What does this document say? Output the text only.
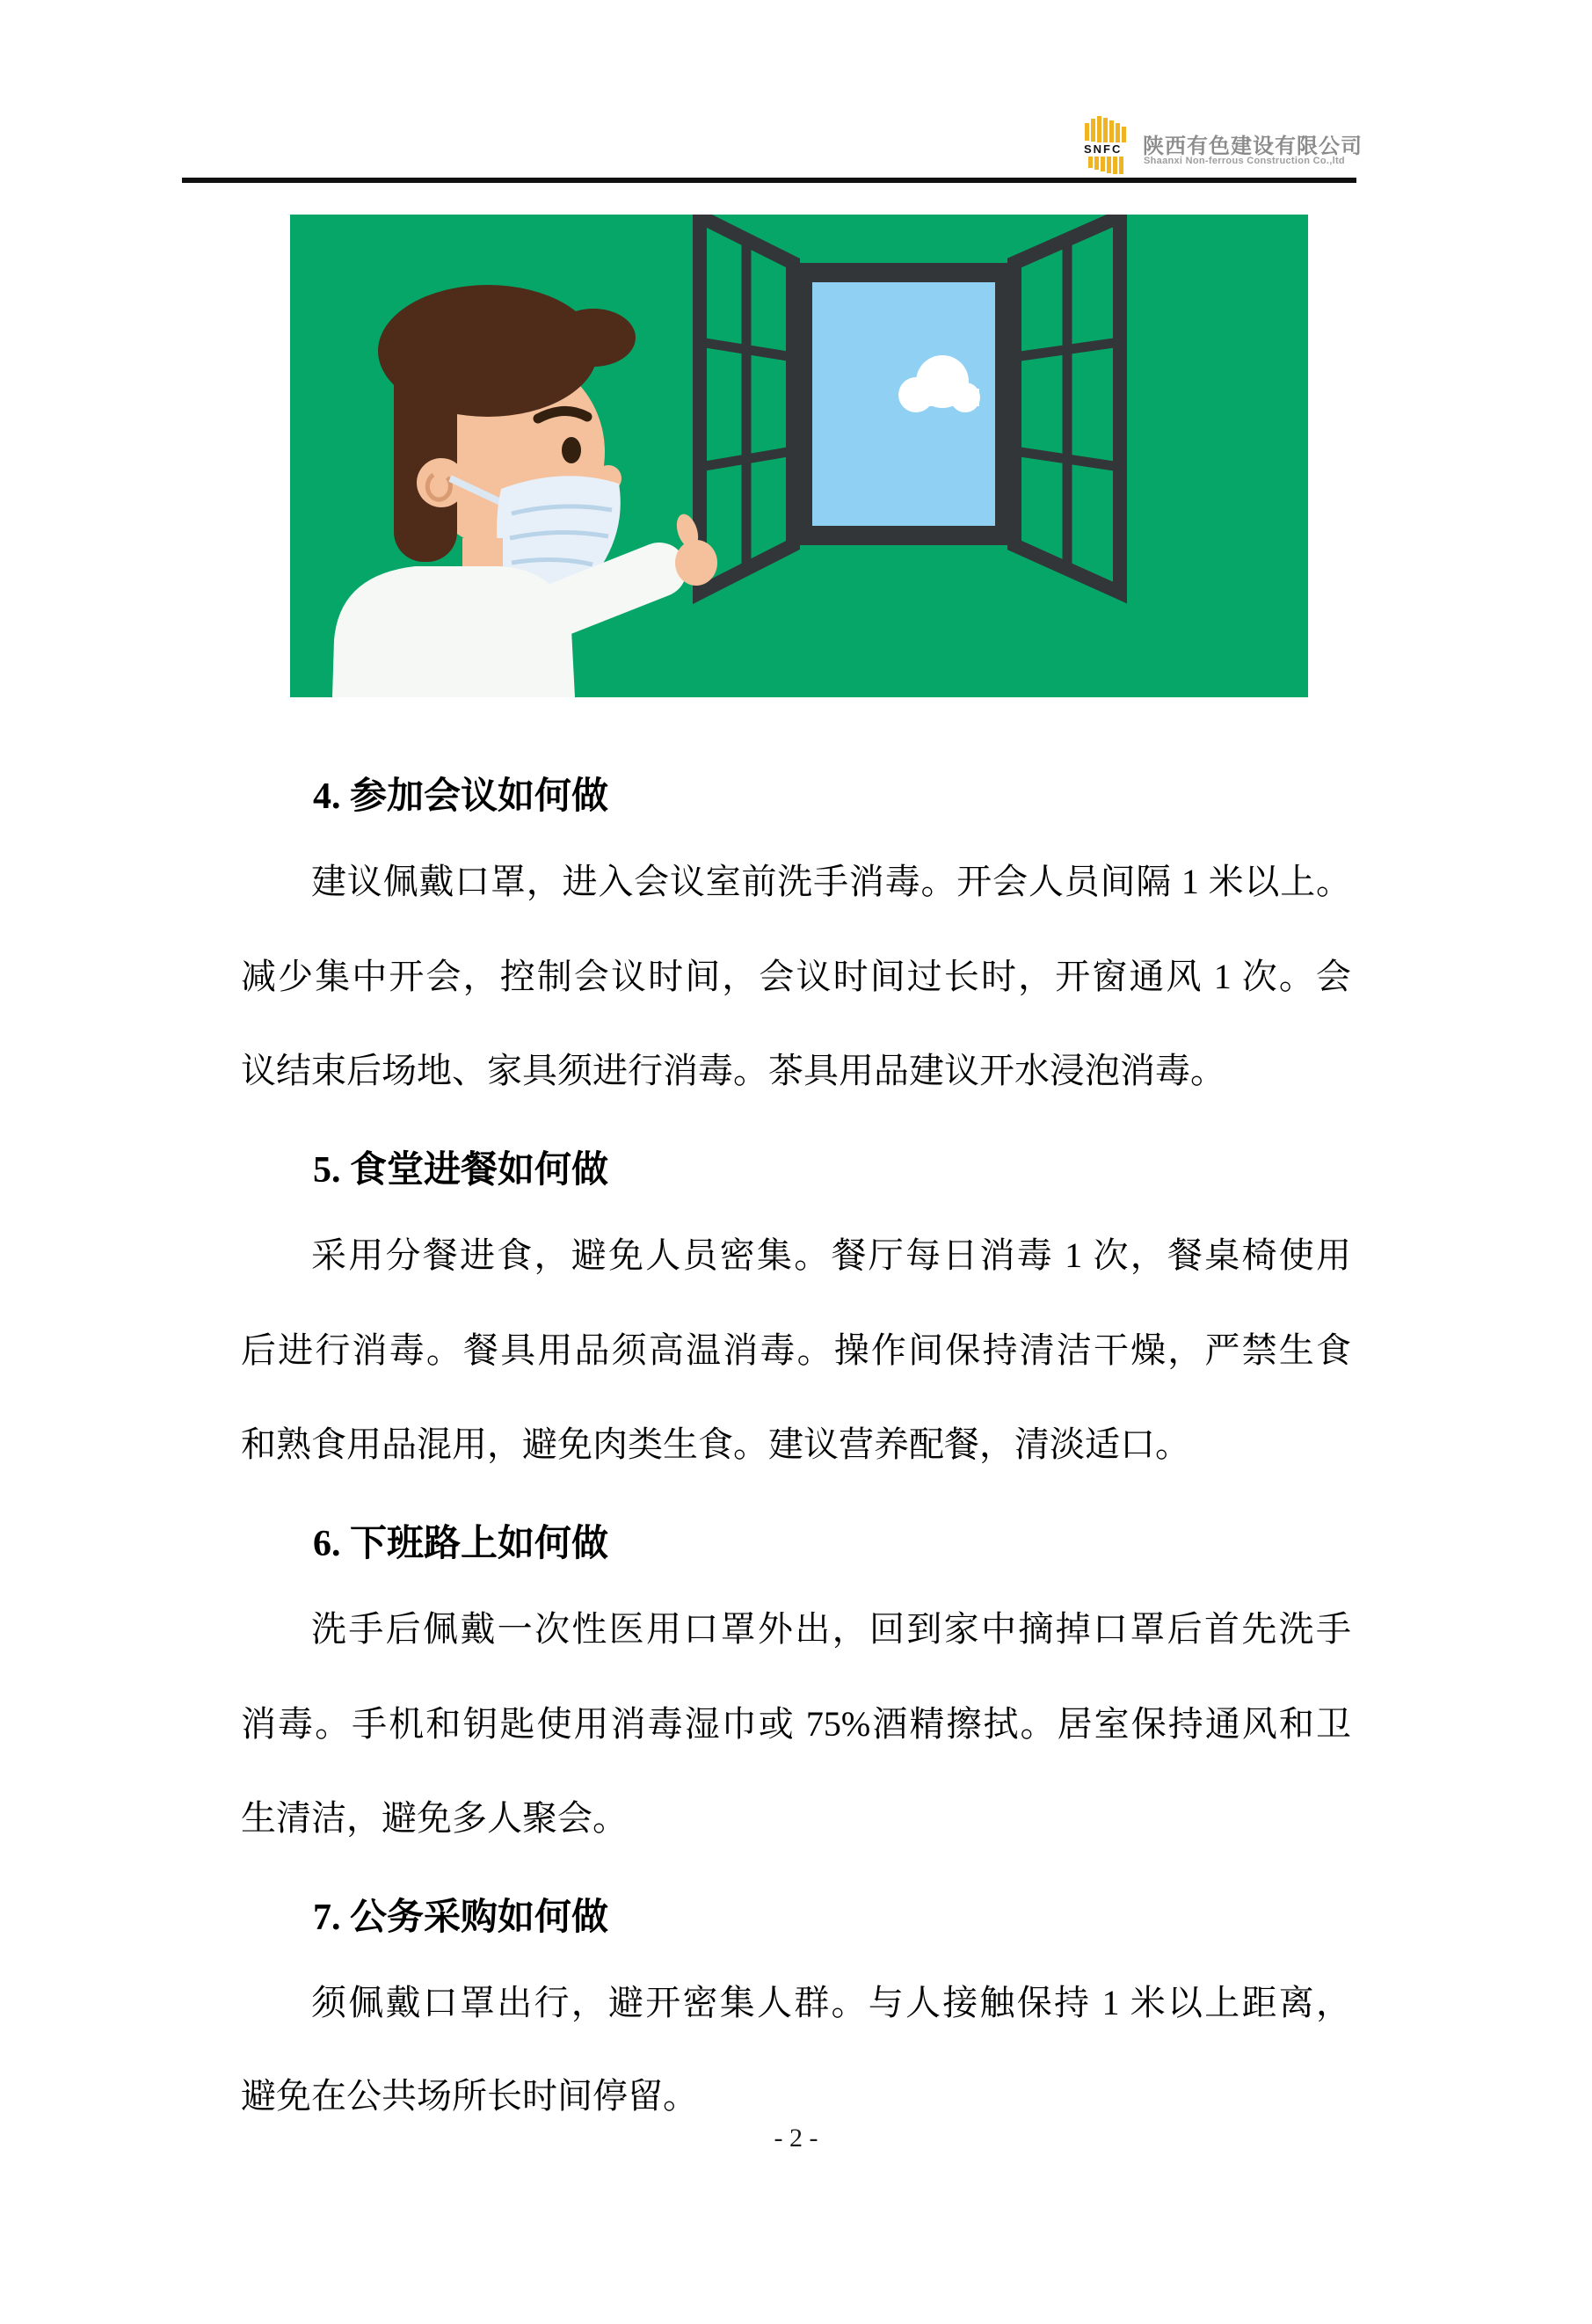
SNFC 陕西有色建设有限公司
Shaanxi Non-ferrous Construction Co.,ltd
4. 参加会议如何做
建议佩戴口罩，进入会议室前洗手消毒。开会人员间隔 1 米以上。
减少集中开会，控制会议时间，会议时间过长时，开窗通风 1 次。会
议结束后场地、家具须进行消毒。茶具用品建议开水浸泡消毒。
5. 食堂进餐如何做
采用分餐进食，避免人员密集。餐厅每日消毒 1 次，餐桌椅使用
后进行消毒。餐具用品须高温消毒。操作间保持清洁干燥，严禁生食
和熟食用品混用，避免肉类生食。建议营养配餐，清淡适口。
6. 下班路上如何做
洗手后佩戴一次性医用口罩外出，回到家中摘掉口罩后首先洗手
消毒。手机和钥匙使用消毒湿巾或 75%酒精擦拭。居室保持通风和卫
生清洁，避免多人聚会。
7. 公务采购如何做
须佩戴口罩出行，避开密集人群。与人接触保持 1 米以上距离，
避免在公共场所长时间停留。
- 2 -
